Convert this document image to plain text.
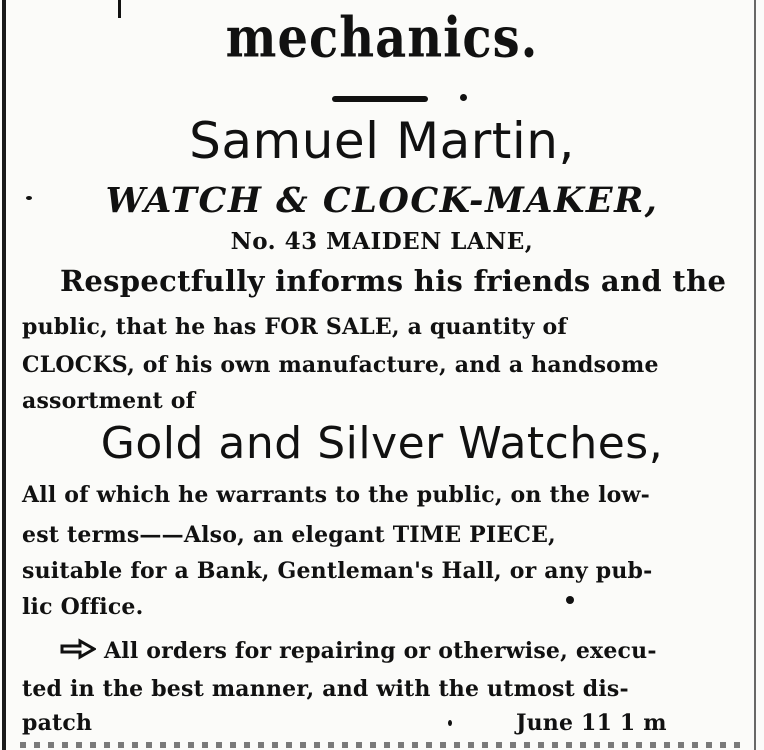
mechanics.
Samuel Martin,
WATCH & CLOCK-MAKER,
No. 43 MAIDEN LANE,
Respectfully informs his friends and the
public, that he has FOR SALE, a quantity of
CLOCKS, of his own manufacture, and a handsome
assortment of
Gold and Silver Watches,
All of which he warrants to the public, on the low-
est terms——Also, an elegant TIME PIECE,
suitable for a Bank, Gentleman's Hall, or any pub-
lic Office.
All orders for repairing or otherwise, execu-
ted in the best manner, and with the utmost dis-
patch	June 11 1 m
